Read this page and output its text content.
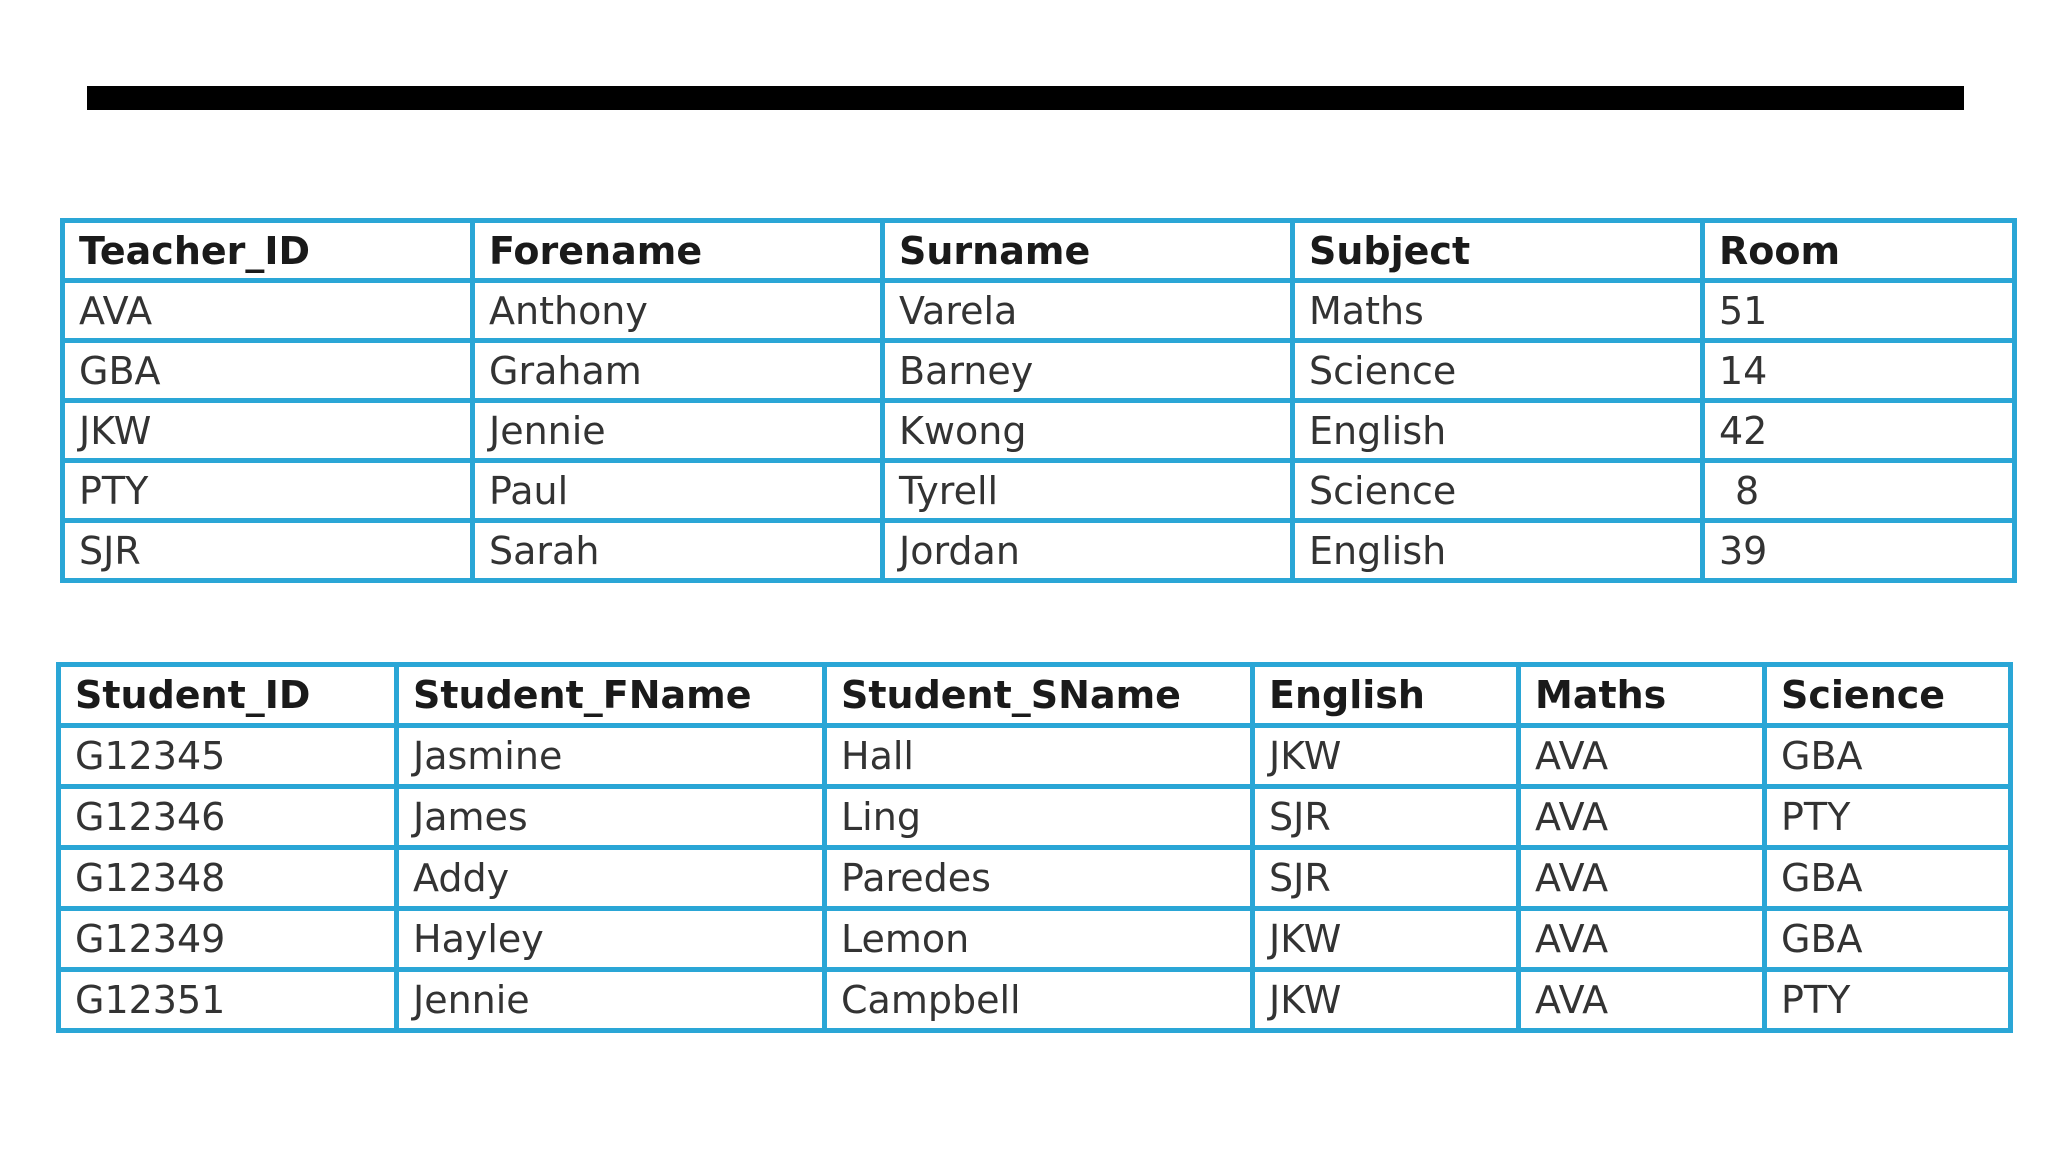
Teacher_ID	Forename	Surname	Subject	Room
AVA	Anthony	Varela	Maths	51
GBA	Graham	Barney	Science	14
JKW	Jennie	Kwong	English	42
PTY	Paul	Tyrell	Science	8
SJR	Sarah	Jordan	English	39
Student_ID	Student_FName	Student_SName	English	Maths	Science
G12345	Jasmine	Hall	JKW	AVA	GBA
G12346	James	Ling	SJR	AVA	PTY
G12348	Addy	Paredes	SJR	AVA	GBA
G12349	Hayley	Lemon	JKW	AVA	GBA
G12351	Jennie	Campbell	JKW	AVA	PTY
